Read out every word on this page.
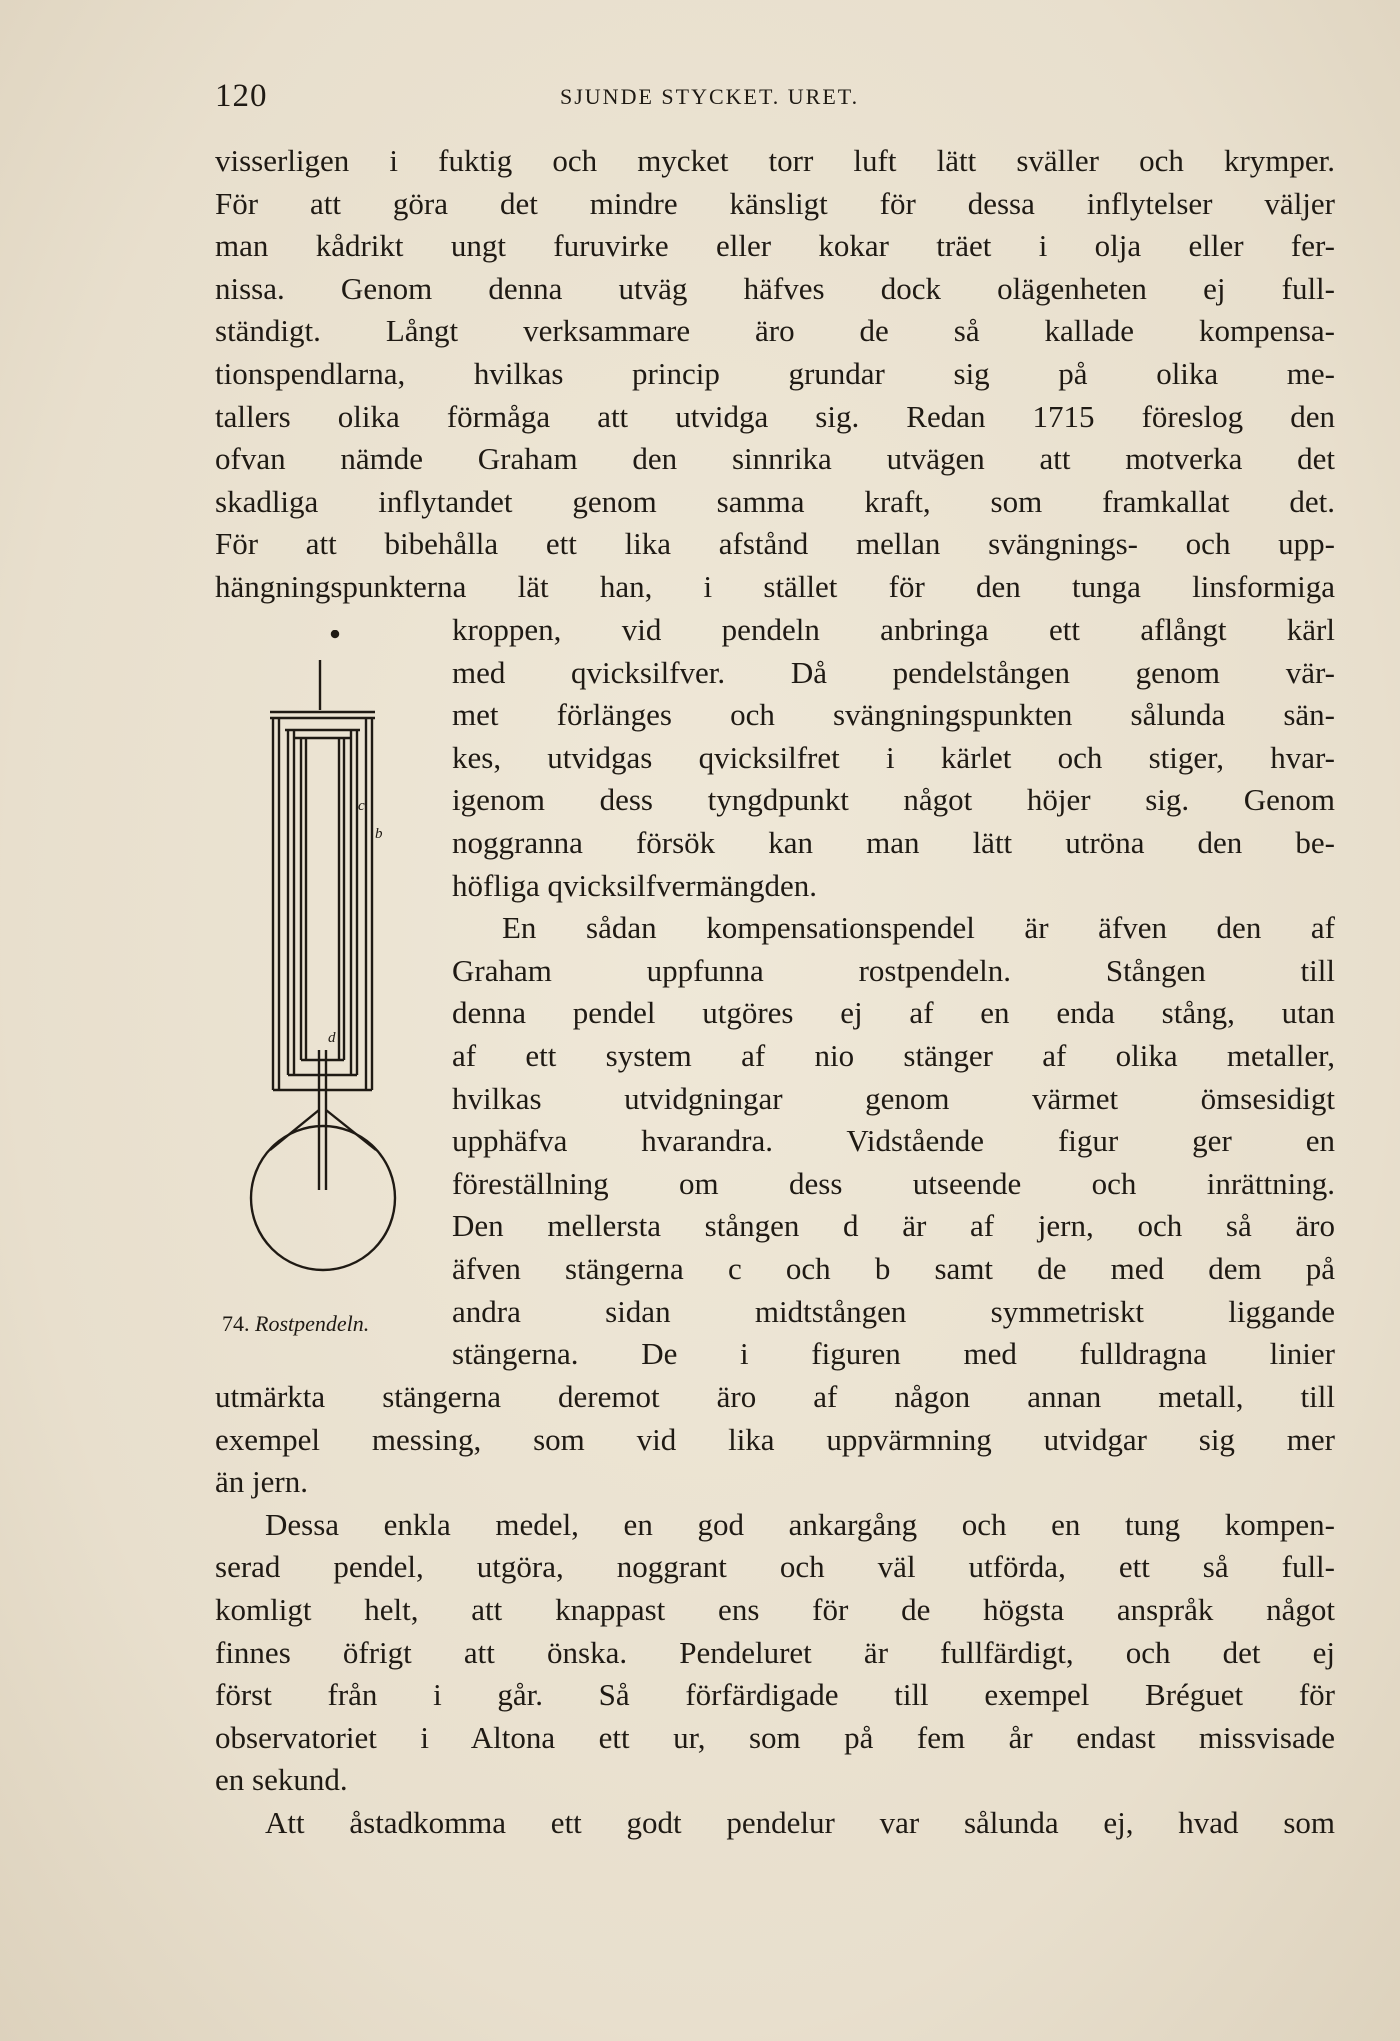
120	SJUNDE STYCKET. URET.
visserligen i fuktig och mycket torr luft lätt sväller och krymper.
För att göra det mindre känsligt för dessa inflytelser väljer
man kådrikt ungt furuvirke eller kokar träet i olja eller fer-
nissa. Genom denna utväg häfves dock olägenheten ej full-
ständigt. Långt verksammare äro de så kallade kompensa-
tionspendlarna, hvilkas princip grundar sig på olika me-
tallers olika förmåga att utvidga sig. Redan 1715 föreslog den
ofvan nämde Graham den sinnrika utvägen att motverka det
skadliga inflytandet genom samma kraft, som framkallat det.
För att bibehålla ett lika afstånd mellan svängnings- och upp-
hängningspunkterna lät han, i stället för den tunga linsformiga
kroppen, vid pendeln anbringa ett aflångt kärl
med qvicksilfver. Då pendelstången genom vär-
met förlänges och svängningspunkten sålunda sän-
kes, utvidgas qvicksilfret i kärlet och stiger, hvar-
igenom dess tyngdpunkt något höjer sig. Genom
noggranna försök kan man lätt utröna den be-
höfliga qvicksilfvermängden.
En sådan kompensationspendel är äfven den af
Graham uppfunna rostpendeln. Stången till
denna pendel utgöres ej af en enda stång, utan
af ett system af nio stänger af olika metaller,
hvilkas utvidgningar genom värmet ömsesidigt
upphäfva hvarandra. Vidstående figur ger en
föreställning om dess utseende och inrättning.
Den mellersta stången d är af jern, och så äro
äfven stängerna c och b samt de med dem på
andra sidan midtstången symmetriskt liggande
stängerna. De i figuren med fulldragna linier
b
c
d
74. Rostpendeln.
utmärkta stängerna deremot äro af någon annan metall, till
exempel messing, som vid lika uppvärmning utvidgar sig mer
än jern.
Dessa enkla medel, en god ankargång och en tung kompen-
serad pendel, utgöra, noggrant och väl utförda, ett så full-
komligt helt, att knappast ens för de högsta anspråk något
finnes öfrigt att önska. Pendeluret är fullfärdigt, och det ej
först från i går. Så förfärdigade till exempel Bréguet för
observatoriet i Altona ett ur, som på fem år endast missvisade
en sekund.
Att åstadkomma ett godt pendelur var sålunda ej, hvad som
